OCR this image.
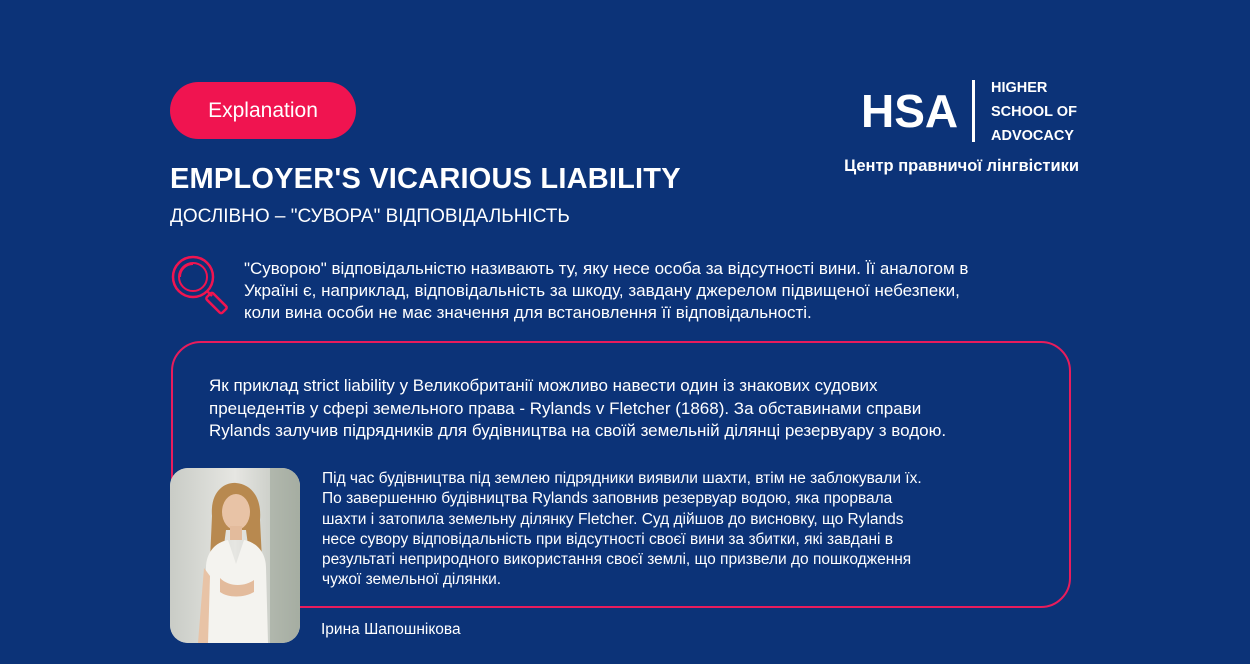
Explanation	HSA HIGHER
SCHOOL OF
ADVOCACY
Центр правничої лінгвістики
EMPLOYER'S VICARIOUS LIABILITY
ДОСЛІВНО – "СУВОРА" ВІДПОВІДАЛЬНІСТЬ
"Суворою" відповідальністю називають ту, яку несе особа за відсутності вини. Її аналогом в
Україні є, наприклад, відповідальність за шкоду, завдану джерелом підвищеної небезпеки,
коли вина особи не має значення для встановлення її відповідальності.
Як приклад strict liability у Великобританії можливо навести один із знакових судових
прецедентів у сфері земельного права - Rylands v Fletcher (1868). За обставинами справи
Rylands залучив підрядників для будівництва на своїй земельній ділянці резервуару з водою.
Під час будівництва під землею підрядники виявили шахти, втім не заблокували їх.
По завершенню будівництва Rylands заповнив резервуар водою, яка прорвала
шахти і затопила земельну ділянку Fletcher. Суд дійшов до висновку, що Rylands
несе сувору відповідальність при відсутності своєї вини за збитки, які завдані в
результаті неприродного використання своєї землі, що призвели до пошкодження
чужої земельної ділянки.
Ірина Шапошнікова
